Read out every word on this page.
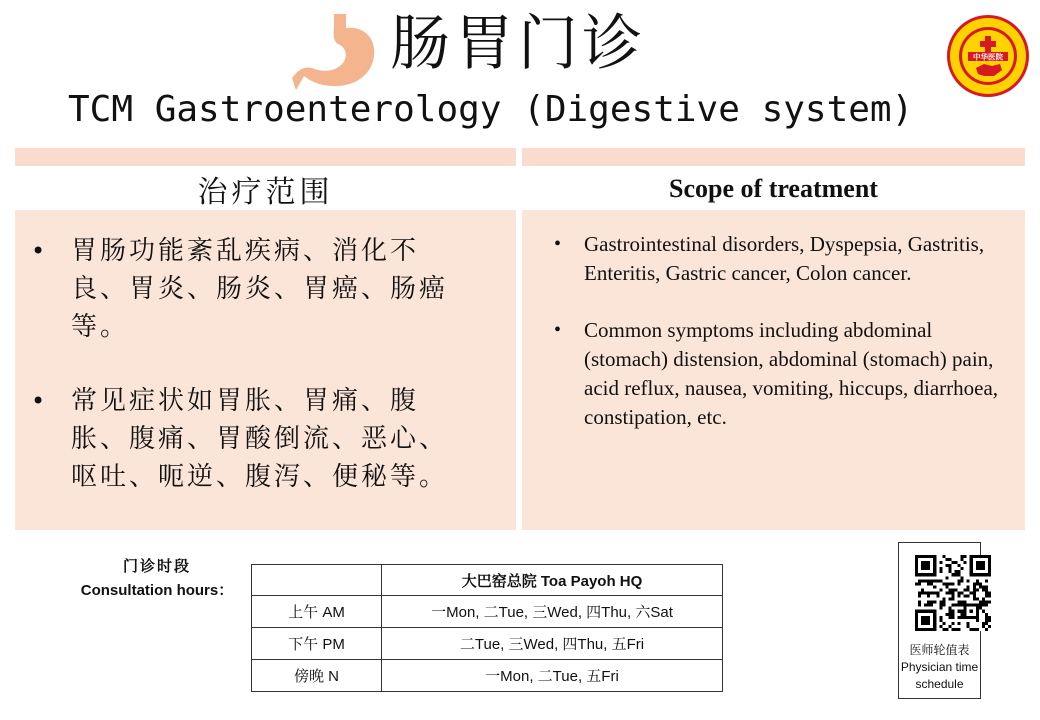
肠胃门诊
TCM Gastroenterology (Digestive system)
中华医院
治疗范围	Scope of treatment
• 胃肠功能紊乱疾病、消化不良、胃炎、肠炎、胃癌、肠癌等。
• 常见症状如胃胀、胃痛、腹胀、腹痛、胃酸倒流、恶心、呕吐、呃逆、腹泻、便秘等。
• Gastrointestinal disorders, Dyspepsia, Gastritis, Enteritis, Gastric cancer, Colon cancer.
• Common symptoms including abdominal (stomach) distension, abdominal (stomach) pain, acid reflux, nausea, vomiting, hiccups, diarrhoea, constipation, etc.
门诊时段
Consultation hours：
	大巴窑总院 Toa Payoh HQ
上午 AM	一Mon, 二Tue, 三Wed, 四Thu, 六Sat
下午 PM	二Tue, 三Wed, 四Thu, 五Fri
傍晚 N	一Mon, 二Tue, 五Fri
医师轮值表
Physician time
schedule
